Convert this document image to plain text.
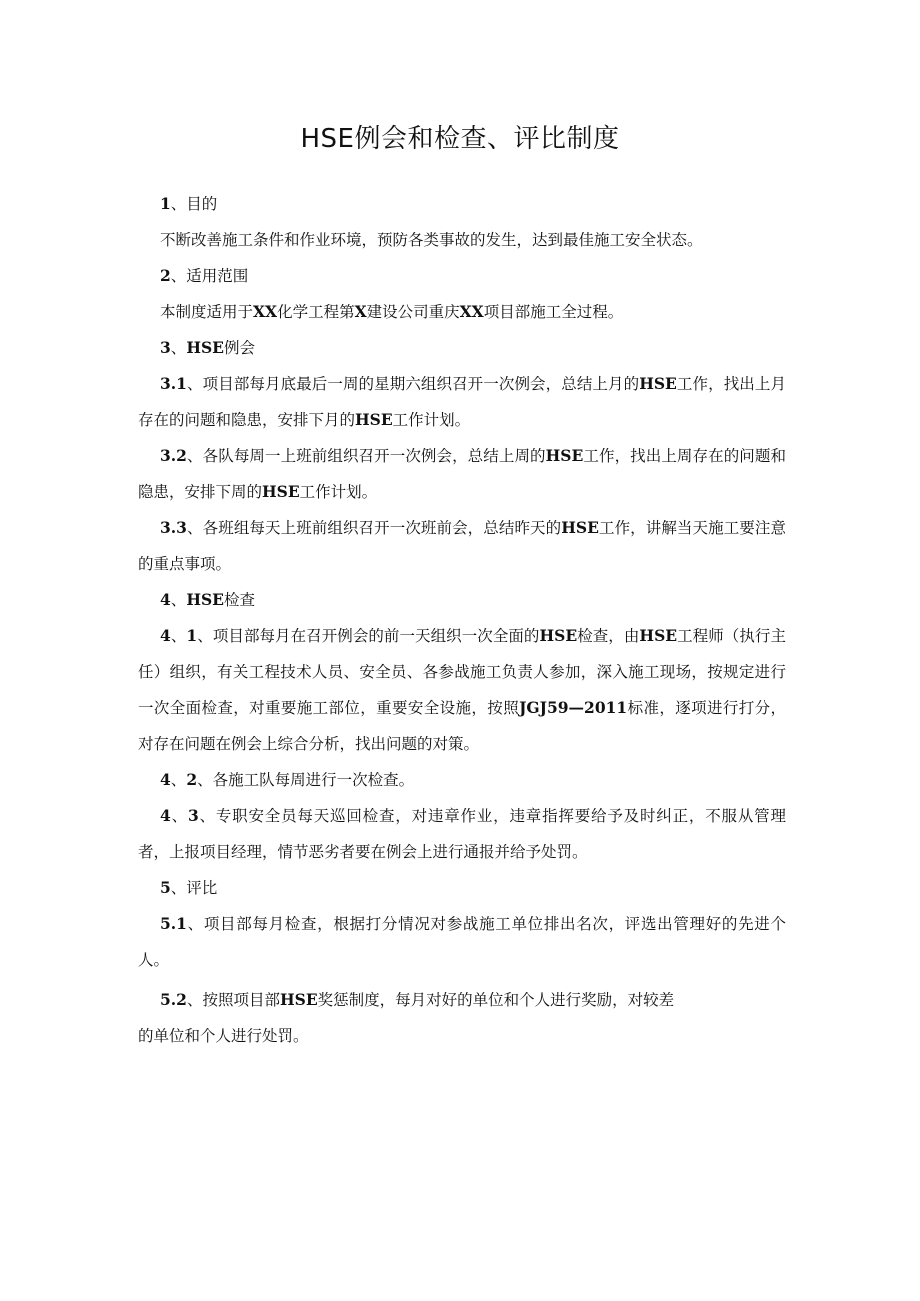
HSE例会和检查、评比制度

1、目的

不断改善施工条件和作业环境，预防各类事故的发生，达到最佳施工安全状态。

2、适用范围

本制度适用于XX化学工程第X建设公司重庆XX项目部施工全过程。

3、HSE例会

3.1、项目部每月底最后一周的星期六组织召开一次例会，总结上月的HSE工作，找出上月存在的问题和隐患，安排下月的HSE工作计划。

3.2、各队每周一上班前组织召开一次例会，总结上周的HSE工作，找出上周存在的问题和隐患，安排下周的HSE工作计划。

3.3、各班组每天上班前组织召开一次班前会，总结昨天的HSE工作，讲解当天施工要注意的重点事项。

4、HSE检查

4、1、项目部每月在召开例会的前一天组织一次全面的HSE检查，由HSE工程师（执行主任）组织，有关工程技术人员、安全员、各参战施工负责人参加，深入施工现场，按规定进行一次全面检查，对重要施工部位，重要安全设施，按照JGJ59—2011标准，逐项进行打分，对存在问题在例会上综合分析，找出问题的对策。

4、2、各施工队每周进行一次检查。

4、3、专职安全员每天巡回检查，对违章作业，违章指挥要给予及时纠正，不服从管理者，上报项目经理，情节恶劣者要在例会上进行通报并给予处罚。

5、评比

5.1、项目部每月检查，根据打分情况对参战施工单位排出名次，评选出管理好的先进个人。

5.2、按照项目部HSE奖惩制度，每月对好的单位和个人进行奖励，对较差
的单位和个人进行处罚。
